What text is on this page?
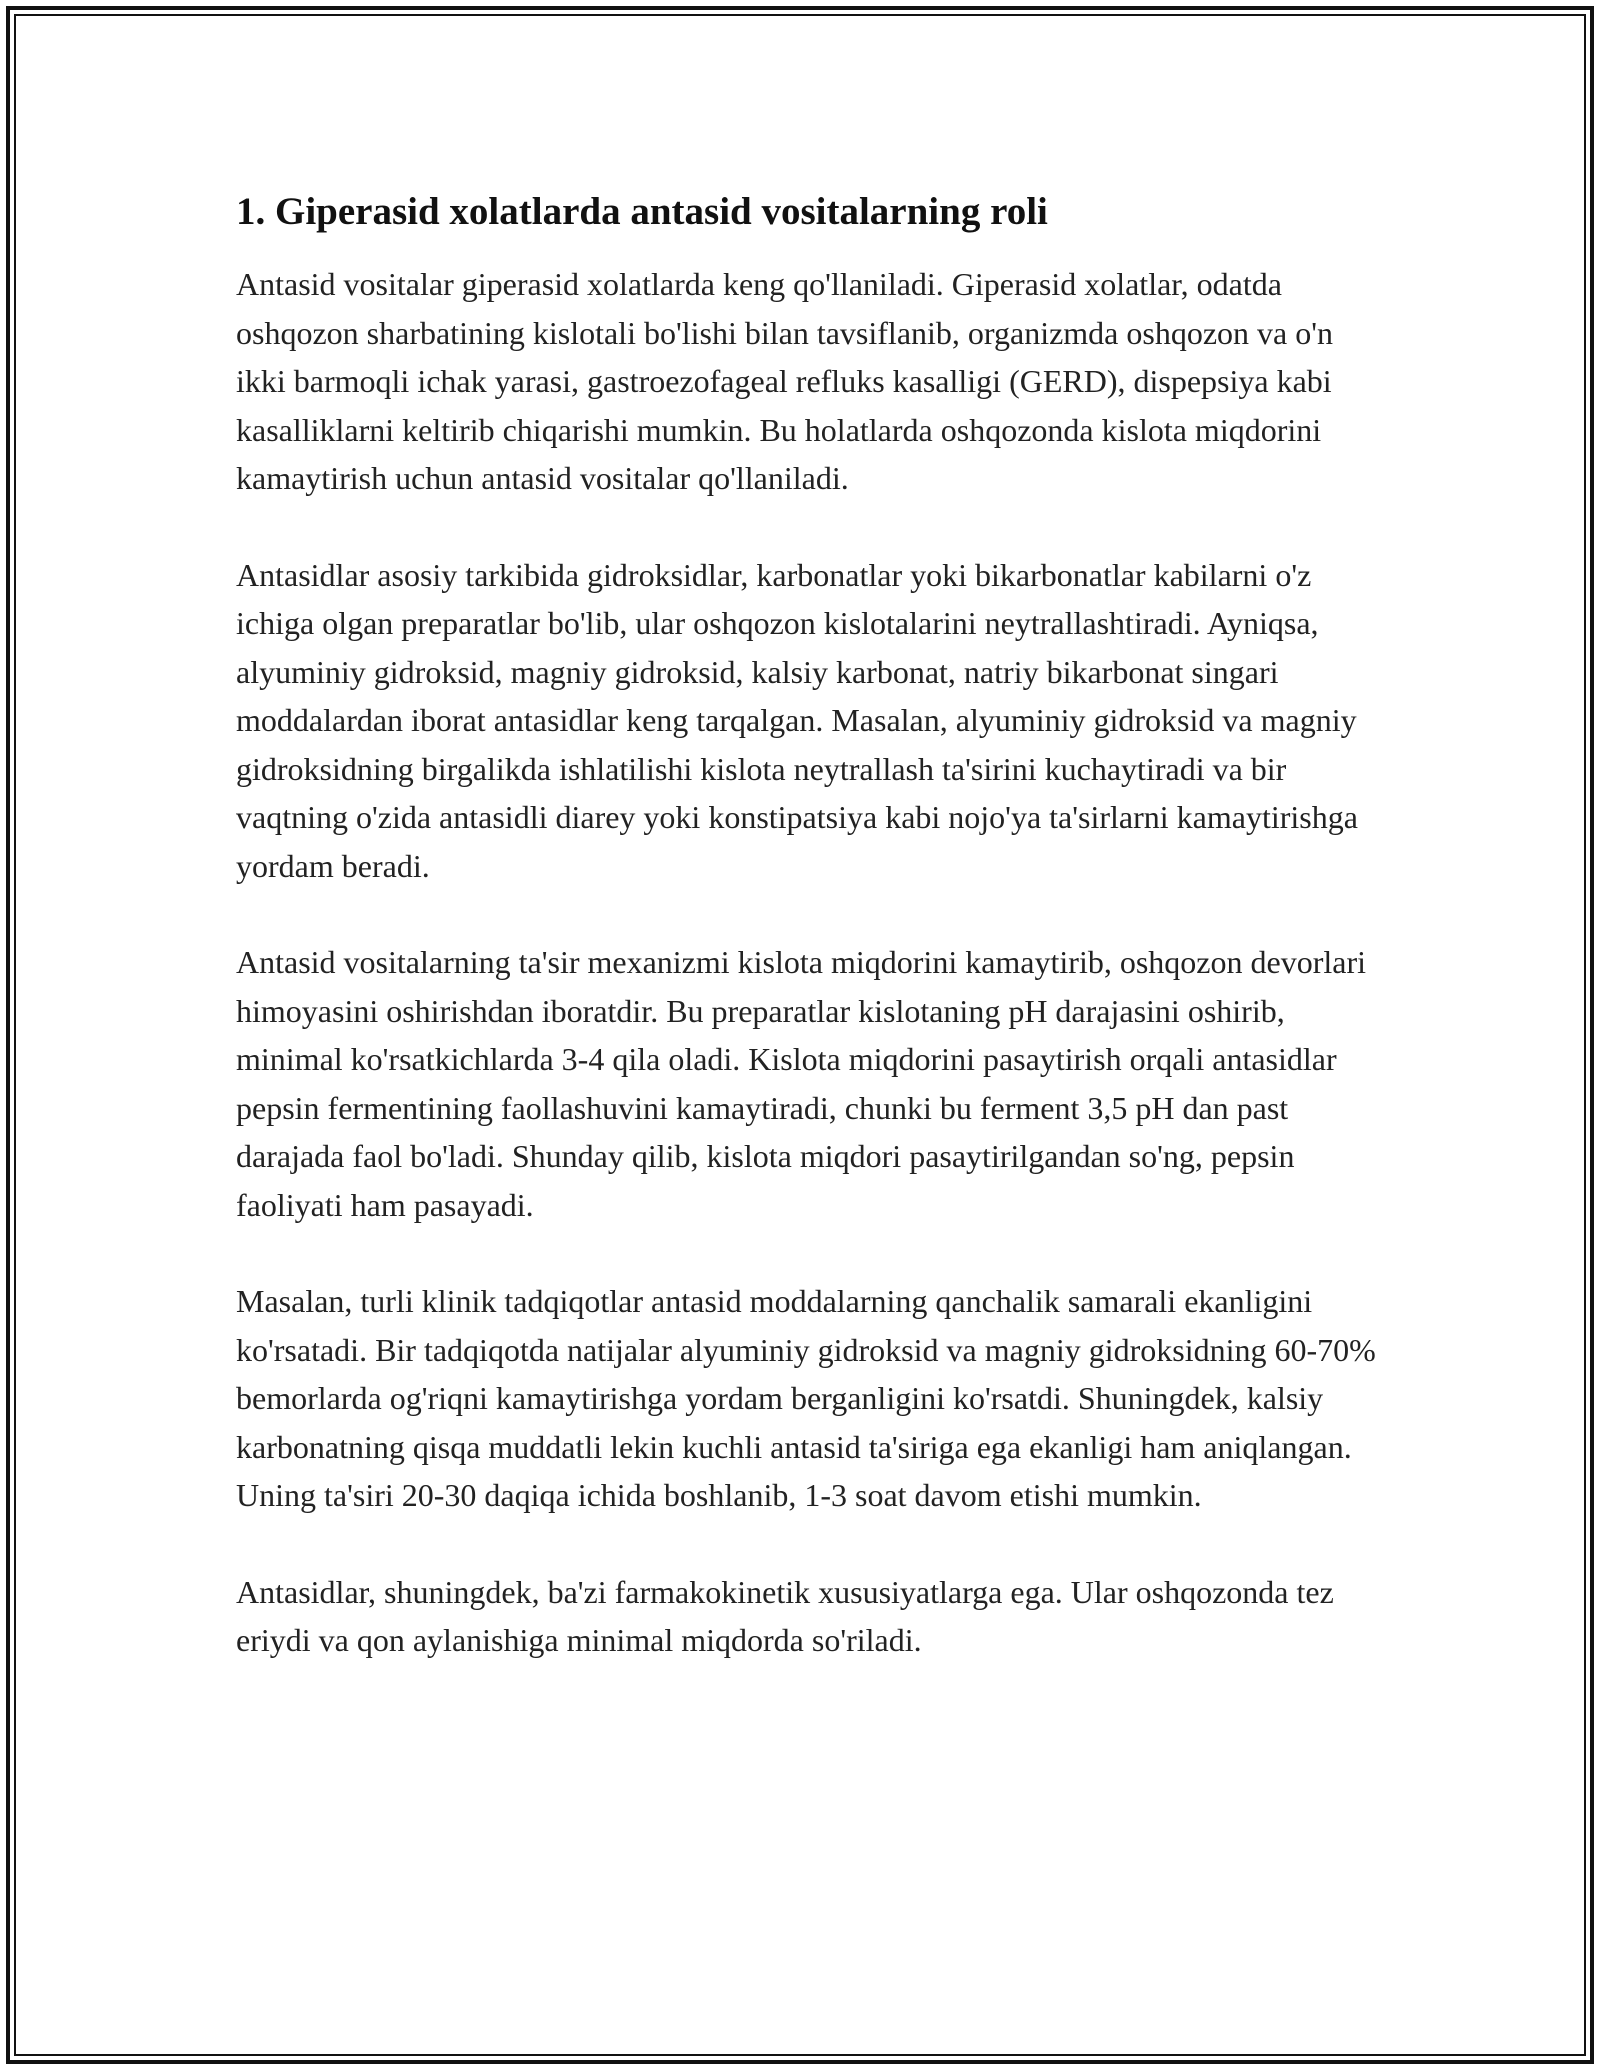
1. Giperasid xolatlarda antasid vositalarning roli

Antasid vositalar giperasid xolatlarda keng qo'llaniladi. Giperasid xolatlar, odatda oshqozon sharbatining kislotali bo'lishi bilan tavsiflanib, organizmda oshqozon va o'n ikki barmoqli ichak yarasi, gastroezofageal refluks kasalligi (GERD), dispepsiya kabi kasalliklarni keltirib chiqarishi mumkin. Bu holatlarda oshqozonda kislota miqdorini kamaytirish uchun antasid vositalar qo'llaniladi.

Antasidlar asosiy tarkibida gidroksidlar, karbonatlar yoki bikarbonatlar kabilarni o'z ichiga olgan preparatlar bo'lib, ular oshqozon kislotalarini neytrallashtiradi. Ayniqsa, alyuminiy gidroksid, magniy gidroksid, kalsiy karbonat, natriy bikarbonat singari moddalardan iborat antasidlar keng tarqalgan. Masalan, alyuminiy gidroksid va magniy gidroksidning birgalikda ishlatilishi kislota neytrallash ta'sirini kuchaytiradi va bir vaqtning o'zida antasidli diarey yoki konstipatsiya kabi nojo'ya ta'sirlarni kamaytirishga yordam beradi.

Antasid vositalarning ta'sir mexanizmi kislota miqdorini kamaytirib, oshqozon devorlari himoyasini oshirishdan iboratdir. Bu preparatlar kislotaning pH darajasini oshirib, minimal ko'rsatkichlarda 3-4 qila oladi. Kislota miqdorini pasaytirish orqali antasidlar pepsin fermentining faollashuvini kamaytiradi, chunki bu ferment 3,5 pH dan past darajada faol bo'ladi. Shunday qilib, kislota miqdori pasaytirilgandan so'ng, pepsin faoliyati ham pasayadi.

Masalan, turli klinik tadqiqotlar antasid moddalarning qanchalik samarali ekanligini ko'rsatadi. Bir tadqiqotda natijalar alyuminiy gidroksid va magniy gidroksidning 60-70% bemorlarda og'riqni kamaytirishga yordam berganligini ko'rsatdi. Shuningdek, kalsiy karbonatning qisqa muddatli lekin kuchli antasid ta'siriga ega ekanligi ham aniqlangan. Uning ta'siri 20-30 daqiqa ichida boshlanib, 1-3 soat davom etishi mumkin.

Antasidlar, shuningdek, ba'zi farmakokinetik xususiyatlarga ega. Ular oshqozonda tez eriydi va qon aylanishiga minimal miqdorda so'riladi.
